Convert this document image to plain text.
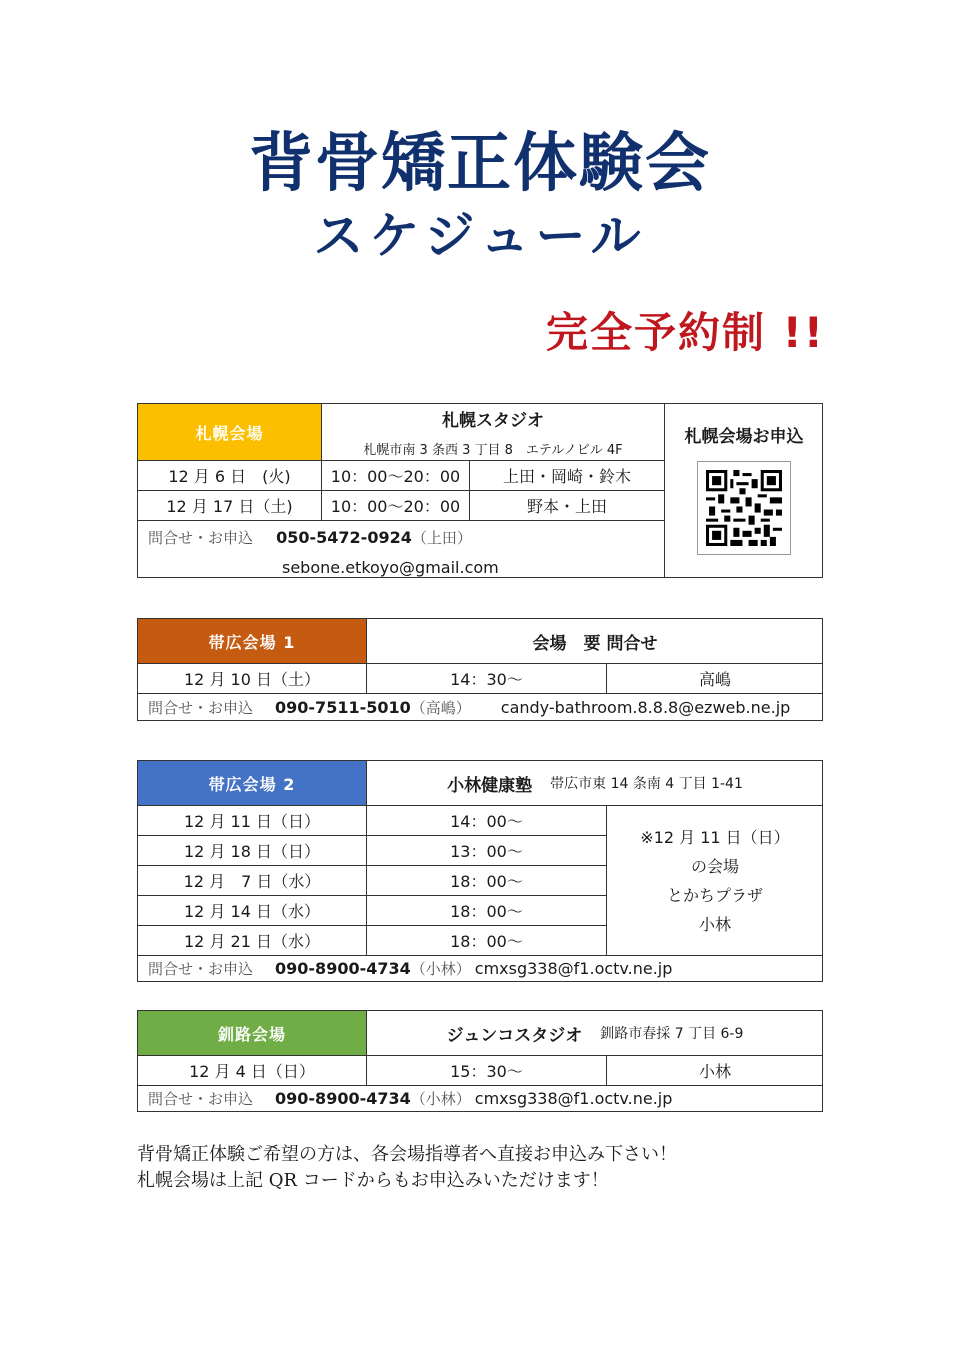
背骨矯正体験会
スケジュール
完全予約制 !!
札幌会場
札幌スタジオ
札幌市南 3 条西 3 丁目 8　エテルノビル 4F
札幌会場お申込
12 月 6 日　(火)	10：00〜20：00	上田・岡崎・鈴木
12 月 17 日（土)	10：00〜20：00	野本・上田
問合せ・お申込 050-5472-0924（上田）
sebone.etkoyo@gmail.com
帯広会場 1	会場　要 問合せ
12 月 10 日（土）	14：30〜	高嶋
問合せ・お申込 090-7511-5010 （高嶋） candy-bathroom.8.8.8@ezweb.ne.jp
帯広会場 2	小林健康塾 帯広市東 14 条南 4 丁目 1-41
12 月 11 日（日）	14：00〜
12 月 18 日（日）	13：00〜
12 月　7 日（水）	18：00〜
12 月 14 日（水）	18：00〜
12 月 21 日（水）	18：00〜
※12 月 11 日（日）
の会場
とかちプラザ
小林
問合せ・お申込 090-8900-4734 （小林） cmxsg338@f1.octv.ne.jp
釧路会場	ジュンコスタジオ 釧路市春採 7 丁目 6-9
12 月 4 日（日）	15：30〜	小林
問合せ・お申込 090-8900-4734 （小林） cmxsg338@f1.octv.ne.jp
背骨矯正体験ご希望の方は、各会場指導者へ直接お申込み下さい！
札幌会場は上記 QR コードからもお申込みいただけます！
